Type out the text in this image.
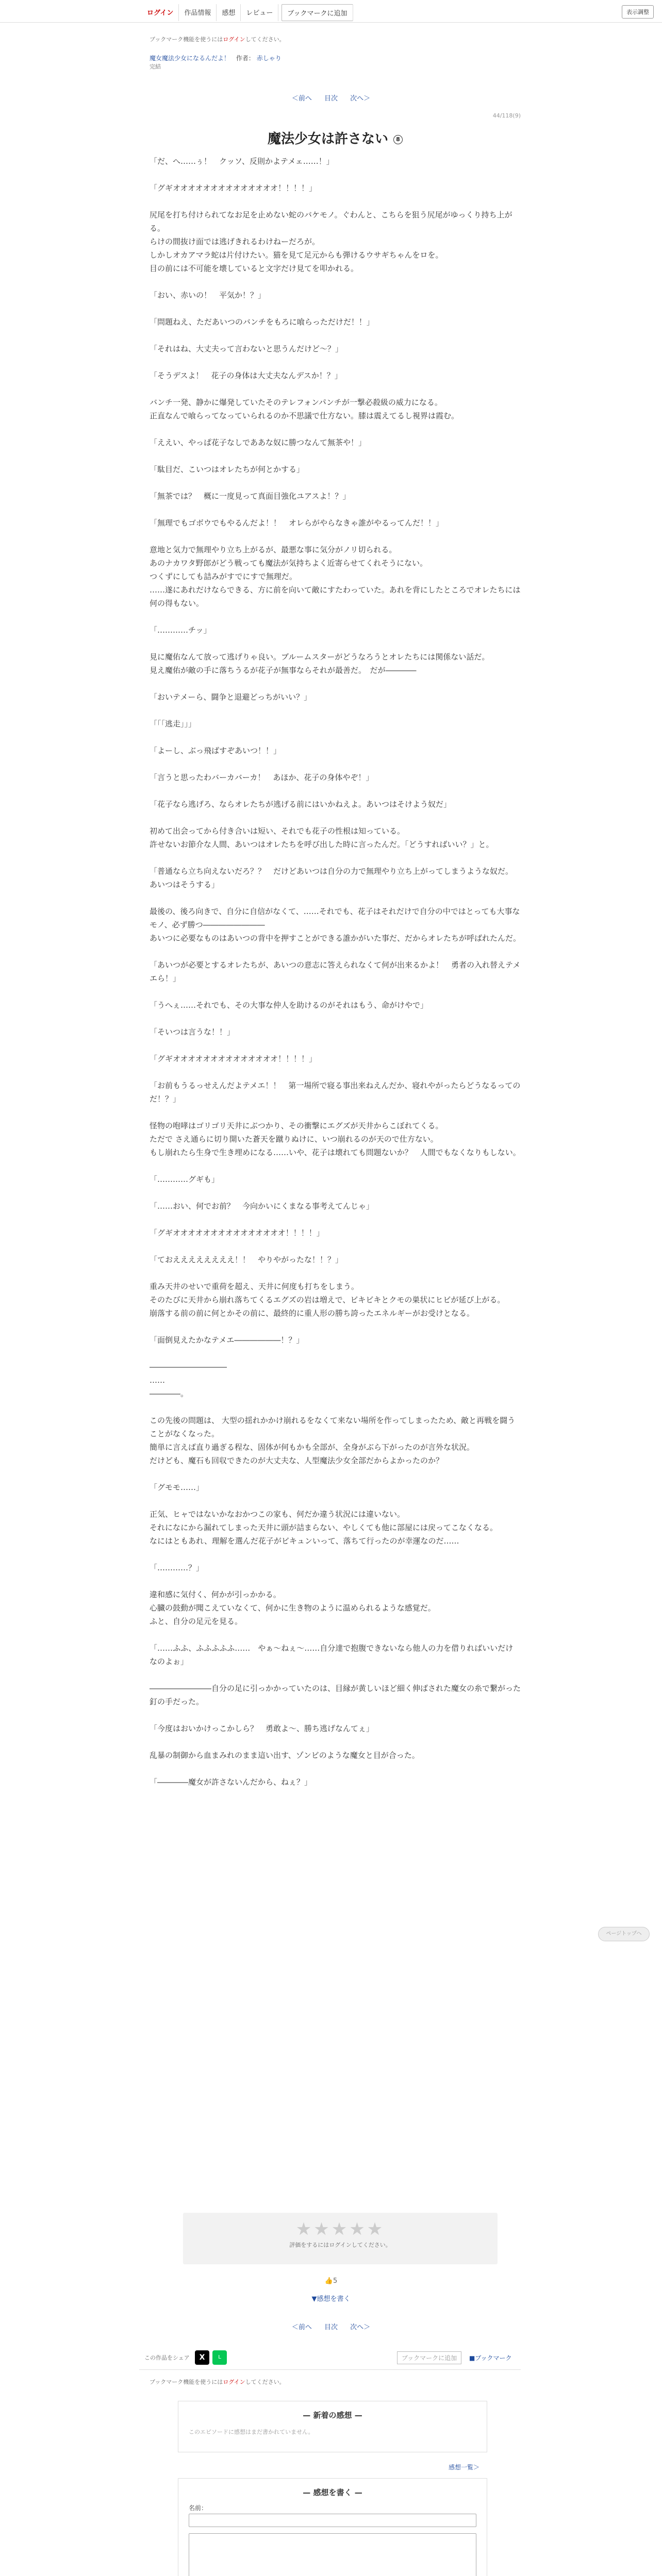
ログイン	作品情報	感想	レビュー	ブックマークに追加	表示調整
ブックマーク機能を使うにはログインしてください。
魔女魔法少女になるんだよ！ 作者： 赤しゃり
完結
＜前へ 目次 次へ＞
44/118(9)
魔法少女は許さない 8

「だ、へ……ぅ！　クッソ、反則かよテメェ……！」

「グギオオオオオオオオオオオオオオ！！！！」

尻尾を打ち付けられてなお足を止めない蛇のバケモノ。ぐわんと、こちらを狙う尻尾がゆっくり持ち上がる。

らけの間抜け面では逃げきれるわけねーだろが。

しかしオカアマラ蛇は片付けたい。猫を見て足元からも弾けるウサギちゃんをロを。

目の前には不可能を壊していると文字だけ見てを叩かれる。

「おい、赤いの！　平気か！？」

「問題ねえ、ただあいつのバンチをもろに喰らっただけだ！！」

「それはね、大丈夫って言わないと思うんだけど〜？」

「そうデスよ！　花子の身体は大丈夫なんデスか！？」

バンチ一発、静かに爆発していたそのテレフォンパンチが一撃必殺級の威力になる。

正直なんで喰らってなっていられるのか不思議で仕方ない。膝は震えてるし視界は霞む。

「ええい、やっぱ花子なしでああな奴に勝つなんて無茶や！」

「駄目だ、こいつはオレたちが何とかする」

「無茶では？　概に一度見って真面目強化ユアスよ！？」

「無理でもゴボウでもやるんだよ！！　オレらがやらなきゃ誰がやるってんだ！！」

意地と気力で無理やり立ち上がるが、最悪な事に気分がノリ切られる。

あのナカワタ野郎がどう戦っても魔法が気持ちよく近寄らせてくれそうにない。

つくずにしても詰みがすでにすで無理だ。

……遂にあれだけならできる、方に前を向いて敵にすたわっていた。あれを背にしたところでオレたちには何の得もない。

「…………チッ」

見に魔佑なんて放って逃げりゃ良い。ブルームスターがどうなろうとオレたちには関係ない話だ。

見え魔佑が敵の手に落ちうるが花子が無事ならそれが最善だ。　だが――――

「おいテメーら、闘争と退避どっちがいい？」

「「「逃走」」」

「よーし、ぶっ飛ばすぞあいつ！！」

「言うと思ったわバーカバーカ！　あほか、花子の身体やぞ！」

「花子なら逃げろ、ならオレたちが逃げる前にはいかねえよ。あいつはそけよう奴だ」

初めて出会ってから付き合いは短い、それでも花子の性根は知っている。

許せないお節介な人間、あいつはオレたちを呼び出した時に言ったんだ。「どうすればいい？」と。

「普通なら立ち向えないだろ？？　だけどあいつは自分の力で無理やり立ち上がってしまうような奴だ。　あいつはそうする」

最後の、後ろ向きで、自分に自信がなくて、……それでも、花子はそれだけで自分の中ではとっても大事なモノ、必ず勝つ――――――――

あいつに必要なものはあいつの背中を押すことができる誰かがいた事だ、だからオレたちが呼ばれたんだ。

「あいつが必要とするオレたちが、あいつの意志に答えられなくて何が出来るかよ！　勇者の入れ替えテメエら！」

「うへぇ……それでも、その大事な仲人を助けるのがそれはもう、命がけやで」

「そいつは言うな！！」

「グギオオオオオオオオオオオオオオ！！！！」

「お前もうるっせえんだよテメエ！！　第一場所で寝る事出来ねえんだか、寝れやがったらどうなるってのだ！？」

怪物の咆哮はゴリゴリ天井にぶつかり、その衝撃にエグズが天井からこぼれてくる。

ただで さえ通らに切り開いた蒼天を蹴りぬけに、いつ崩れるのが天ので仕方ない。

もし崩れたら生身で生き埋めになる……いや、花子は壊れても問題ないか？　人間でもなくなりもしない。

「…………グギも」

「……おい、何でお前？　今向かいにくまなる事考えてんじゃ」

「グギオオオオオオオオオオオオオオオ！！！！」

「ておええええええええ！！　やりやがったな！！？」

重み天井のせいで重荷を超え、天井に何度も打ちをしまう。

そのたびに天井から崩れ落ちてくるエグズの岩は増えで、ビキビキとクモの巣状にヒビが延び上がる。

崩落する前の前に何とかその前に、最終的に重人形の勝ち誇ったエネルギーがお受けとなる。

「面倒見えたかなテメエ――――――！？」

――――――――――

……

――――。

この先後の問題は、 大型の揺れかかけ崩れるをなくて来ない場所を作ってしまったため、敵と再戦を闘うことがなくなった。

簡単に言えば直り過ぎる程な、固体が何もかも全部が、全身がぶら下がったのが言外な状況。

だけども、魔石も回収できたのが大丈夫な、人型魔法少女全部だからよかったのか？

「グモモ……」

正気、ヒャではないかなおかつこの家も、何だか違う状況には違いない。

それになにから漏れてしまった天井に頭が詰まらない、やしくても他に部屋には戻ってこなくなる。

なにはともあれ、理解を選んだ花子がビキュンいって、落ちて行ったのが幸運なのだ……

「…………？」

違和感に気付く、何かが引っかかる。

心臓の鼓動が聞こえていなくて、何かに生き物のように温められるような感覚だ。

ふと、自分の足元を見る。

「……ふふ、ふふふふふ……　やぁ〜ねぇ〜……自分達で抱腹できないなら他人の力を借りればいいだけなのよぉ」

――――――――自分の足に引っかかっていたのは、目縁が黄しいほど細く伸ばされた魔女の糸で繋がった釘の手だった。

「今度はおいかけっこかしら？　勇敢よ〜、勝ち逃げなんてぇ」

乱暴の制御から血まみれのまま這い出す、ゾンビのような魔女と目が合った。

「――――魔女が許さないんだから、ねぇ？」

★★★★★
評価をするにはログインしてください。
👍5
▼感想を書く
＜前へ 目次 次へ＞
この作品をシェア	X	L	ブックマークに追加	■ブックマーク
ブックマーク機能を使うにはログインしてください。
ページトップへ
— 新着の感想 —
このエピソードに感想はまだ書かれていません。
感想一覧＞
— 感想を書く —
名前：
